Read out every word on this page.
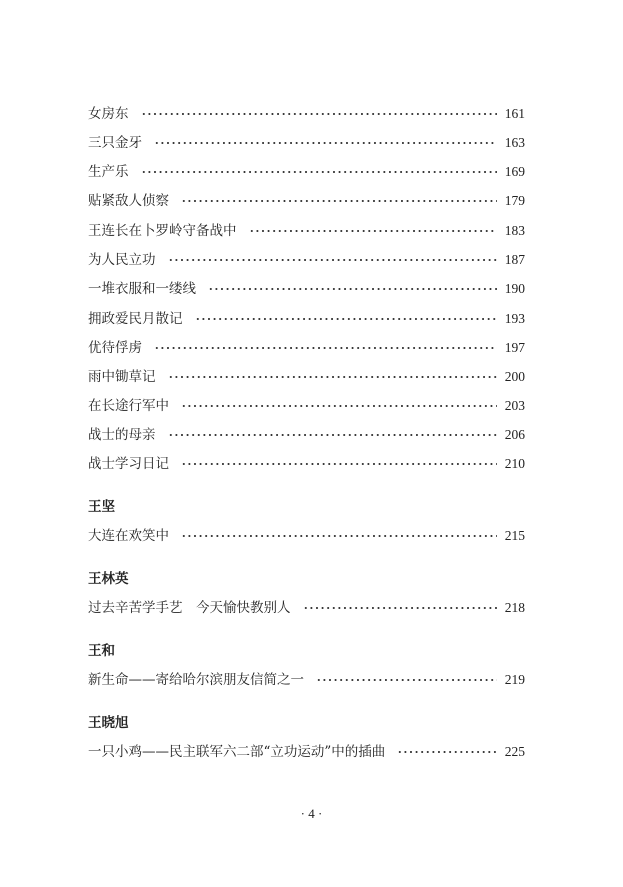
女房东	161
三只金牙	163
生产乐	169
贴紧敌人侦察	179
王连长在卜罗岭守备战中	183
为人民立功	187
一堆衣服和一缕线	190
拥政爱民月散记	193
优待俘虏	197
雨中锄草记	200
在长途行军中	203
战士的母亲	206
战士学习日记	210
王坚
大连在欢笑中	215
王林英
过去辛苦学手艺　今天愉快教别人	218
王和
新生命——寄给哈尔滨朋友信简之一	219
王晓旭
一只小鸡——民主联军六二部“立功运动”中的插曲	225
· 4 ·
